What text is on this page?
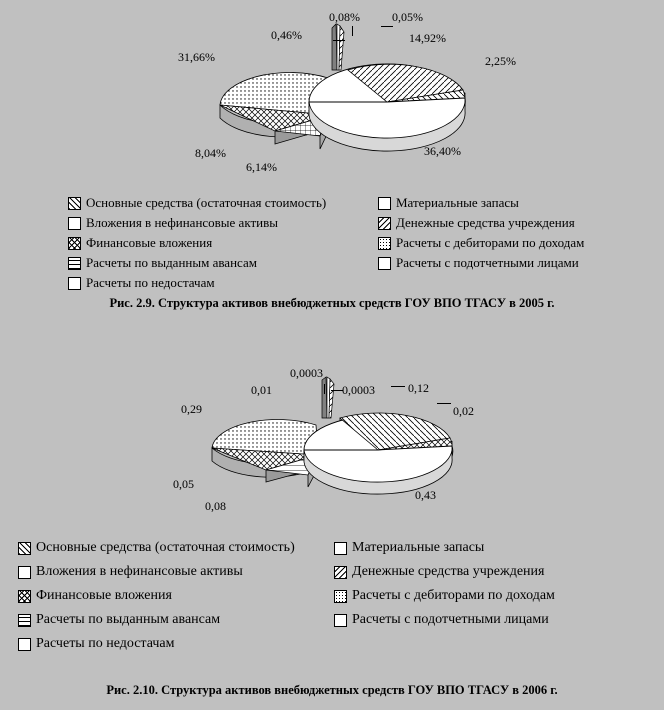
0,08%	0,05%
14,92%
2,25%
36,40%
6,14%
8,04%
31,66%
0,46%
Основные средства (остаточная стоимость)	Материальные запасы
Вложения в нефинансовые активы	Денежные средства учреждения
Финансовые вложения	Расчеты с дебиторами по доходам
Расчеты по выданным авансам	Расчеты с подотчетными лицами
Расчеты по недостачам
Рис. 2.9. Структура активов внебюджетных средств ГОУ ВПО ТГАСУ в 2005 г.
0,0003
0,0003	0,12
0,02
0,43
0,08
0,05
0,29
0,01
Основные средства (остаточная стоимость)	Материальные запасы
Вложения в нефинансовые активы	Денежные средства учреждения
Финансовые вложения	Расчеты с дебиторами по доходам
Расчеты по выданным авансам	Расчеты с подотчетными лицами
Расчеты по недостачам
Рис. 2.10. Структура активов внебюджетных средств ГОУ ВПО ТГАСУ в 2006 г.
